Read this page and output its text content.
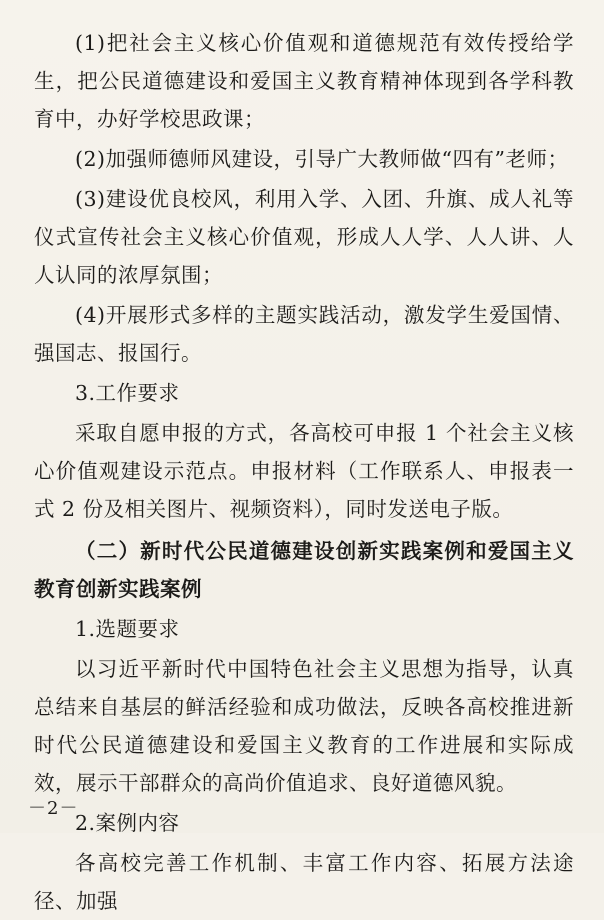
(1)把社会主义核心价值观和道德规范有效传授给学生，把公民道德建设和爱国主义教育精神体现到各学科教育中，办好学校思政课；

(2)加强师德师风建设，引导广大教师做“四有”老师；

(3)建设优良校风，利用入学、入团、升旗、成人礼等仪式宣传社会主义核心价值观，形成人人学、人人讲、人人认同的浓厚氛围；

(4)开展形式多样的主题实践活动，激发学生爱国情、强国志、报国行。

3.工作要求

采取自愿申报的方式，各高校可申报 1 个社会主义核心价值观建设示范点。申报材料（工作联系人、申报表一式 2 份及相关图片、视频资料），同时发送电子版。

（二）新时代公民道德建设创新实践案例和爱国主义教育创新实践案例

1.选题要求

以习近平新时代中国特色社会主义思想为指导，认真总结来自基层的鲜活经验和成功做法，反映各高校推进新时代公民道德建设和爱国主义教育的工作进展和实际成效，展示干部群众的高尚价值追求、良好道德风貌。

2.案例内容

各高校完善工作机制、丰富工作内容、拓展方法途径、加强

－2－
